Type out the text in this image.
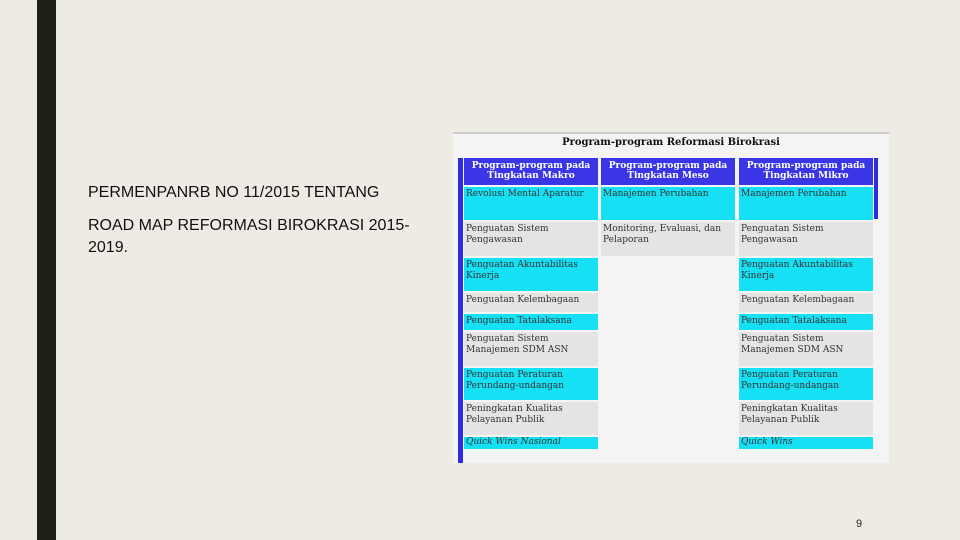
PERMENPANRB NO 11/2015 TENTANG
ROAD MAP REFORMASI BIROKRASI 2015-2019.
Program-program Reformasi Birokrasi
Program-program pada
Tingkatan Makro
Revolusi Mental Aparatur
Penguatan Sistem Pengawasan
Penguatan Akuntabilitas Kinerja
Penguatan Kelembagaan
Penguatan Tatalaksana
Penguatan Sistem Manajemen SDM ASN
Penguatan Peraturan Perundang-undangan
Peningkatan Kualitas Pelayanan Publik
Quick Wins Nasional
Program-program pada
Tingkatan Meso
Manajemen Perubahan
Monitoring, Evaluasi, dan Pelaporan
Program-program pada
Tingkatan Mikro
Manajemen Perubahan
Penguatan Sistem Pengawasan
Penguatan Akuntabilitas Kinerja
Penguatan Kelembagaan
Penguatan Tatalaksana
Penguatan Sistem Manajemen SDM ASN
Penguatan Peraturan Perundang-undangan
Peningkatan Kualitas Pelayanan Publik
Quick Wins
9
